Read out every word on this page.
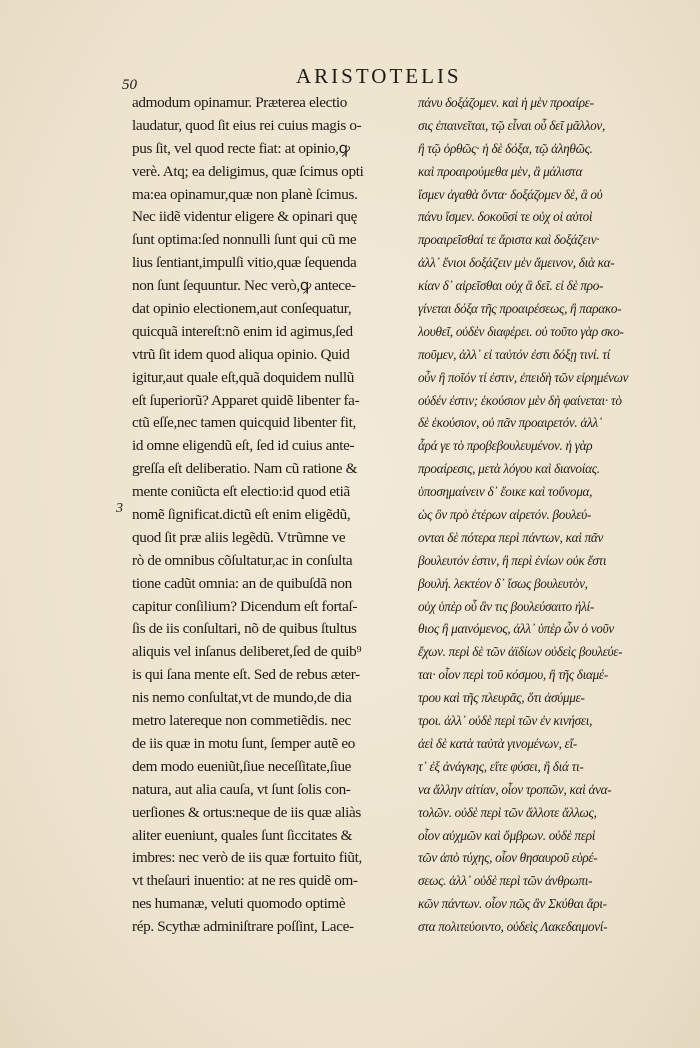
50	ARISTOTELIS
3
admodum opinamur. Præterea electio
laudatur, quod ſit eius rei cuius magis o-
pus ſit, vel quod recte fiat: at opinio,ꝙ
verè. Atq; ea deligimus, quæ ſcimus opti
ma:ea opinamur,quæ non planè ſcimus.
Nec iidẽ videntur eligere & opinari quę
ſunt optima:ſed nonnulli ſunt qui cũ me
lius ſentiant,impulſi vitio,quæ ſequenda
non ſunt ſequuntur. Nec verò,ꝙ antece-
dat opinio electionem,aut conſequatur,
quicquã intereſt:nõ enim id agimus,ſed
vtrũ ſit idem quod aliqua opinio. Quid
igitur,aut quale eſt,quã doquidem nullũ
eſt ſuperiorũ? Apparet quidẽ libenter fa-
ctũ eſſe,nec tamen quicquid libenter fit,
id omne eligendũ eſt, ſed id cuius ante-
greſſa eſt deliberatio. Nam cũ ratione &
mente coniũcta eſt electio:id quod etiã
nomẽ ſignificat.dictũ eſt enim eligẽdũ,
quod ſit præ aliis legẽdũ. Vtrũmne ve
rò de omnibus cõſultatur,ac in conſulta
tione cadũt omnia: an de quibuſdã non
capitur conſilium? Dicendum eſt fortaſ-
ſis de iis conſultari, nõ de quibus ſtultus
aliquis vel inſanus deliberet,ſed de quib⁹
is qui ſana mente eſt. Sed de rebus æter-
nis nemo conſultat,vt de mundo,de dia
metro latereque non commetiẽdis. nec
de iis quæ in motu ſunt, ſemper autẽ eo
dem modo eueniũt,ſiue neceſſitate,ſiue
natura, aut alia cauſa, vt ſunt ſolis con-
uerſiones & ortus:neque de iis quæ aliàs
aliter eueniunt, quales ſunt ſiccitates &
imbres: nec verò de iis quæ fortuito fiũt,
vt theſauri inuentio: at ne res quidẽ om-
nes humanæ, veluti quomodo optimè
rép. Scythæ adminiſtrare poſſint, Lace-
πάνυ δοξάζομεν. καὶ ἡ μὲν προαίρε-
σις ἐπαινεῖται, τῷ εἶναι οὗ δεῖ μᾶλλον,
ἢ τῷ ὀρθῶς· ἡ δὲ δόξα, τῷ ἀληθῶς.
καὶ προαιρούμεθα μὲν, ἃ μάλιστα
ἴσμεν ἀγαθὰ ὄντα· δοξάζομεν δὲ, ἃ οὐ
πάνυ ἴσμεν. δοκοῦσί τε οὐχ οἱ αὐτοὶ
προαιρεῖσθαί τε ἄριστα καὶ δοξάζειν·
ἀλλ᾽ ἔνιοι δοξάζειν μὲν ἄμεινον, διὰ κα-
κίαν δ᾽ αἱρεῖσθαι οὐχ ἃ δεῖ. εἰ δὲ προ-
γίνεται δόξα τῆς προαιρέσεως, ἢ παρακο-
λουθεῖ, οὐδὲν διαφέρει. οὐ τοῦτο γὰρ σκο-
ποῦμεν, ἀλλ᾽ εἰ ταὐτόν ἐστι δόξῃ τινί. τί
οὖν ἢ ποῖόν τί ἐστιν, ἐπειδὴ τῶν εἰρημένων
οὐδέν ἐστιν; ἑκούσιον μὲν δὴ φαίνεται· τὸ
δὲ ἑκούσιον, οὐ πᾶν προαιρετόν. ἀλλ᾽
ἆρά γε τὸ προβεβουλευμένον. ἡ γὰρ
προαίρεσις, μετὰ λόγου καὶ διανοίας.
ὑποσημαίνειν δ᾽ ἔοικε καὶ τοὔνομα,
ὡς ὂν πρὸ ἑτέρων αἱρετόν. βουλεύ-
ονται δὲ πότερα περὶ πάντων, καὶ πᾶν
βουλευτόν ἐστιν, ἢ περὶ ἐνίων οὐκ ἔστι
βουλή. λεκτέον δ᾽ ἴσως βουλευτὸν,
οὐχ ὑπὲρ οὗ ἂν τις βουλεύσαιτο ἠλί-
θιος ἢ μαινόμενος, ἀλλ᾽ ὑπὲρ ὧν ὁ νοῦν
ἔχων. περὶ δὲ τῶν ἀϊδίων οὐδεὶς βουλεύε-
ται· οἷον περὶ τοῦ κόσμου, ἢ τῆς διαμέ-
τρου καὶ τῆς πλευρᾶς, ὅτι ἀσύμμε-
τροι. ἀλλ᾽ οὐδὲ περὶ τῶν ἐν κινήσει,
ἀεὶ δὲ κατὰ ταὐτὰ γινομένων, εἴ-
τ᾽ ἐξ ἀνάγκης, εἴτε φύσει, ἢ διά τι-
να ἄλλην αἰτίαν, οἷον τροπῶν, καὶ ἀνα-
τολῶν. οὐδὲ περὶ τῶν ἄλλοτε ἄλλως,
οἷον αὐχμῶν καὶ ὄμβρων. οὐδὲ περὶ
τῶν ἀπὸ τύχης, οἷον θησαυροῦ εὑρέ-
σεως. ἀλλ᾽ οὐδὲ περὶ τῶν ἀνθρωπι-
κῶν πάντων. οἷον πῶς ἂν Σκύθαι ἄρι-
στα πολιτεύοιντο, οὐδεὶς Λακεδαιμονί-
